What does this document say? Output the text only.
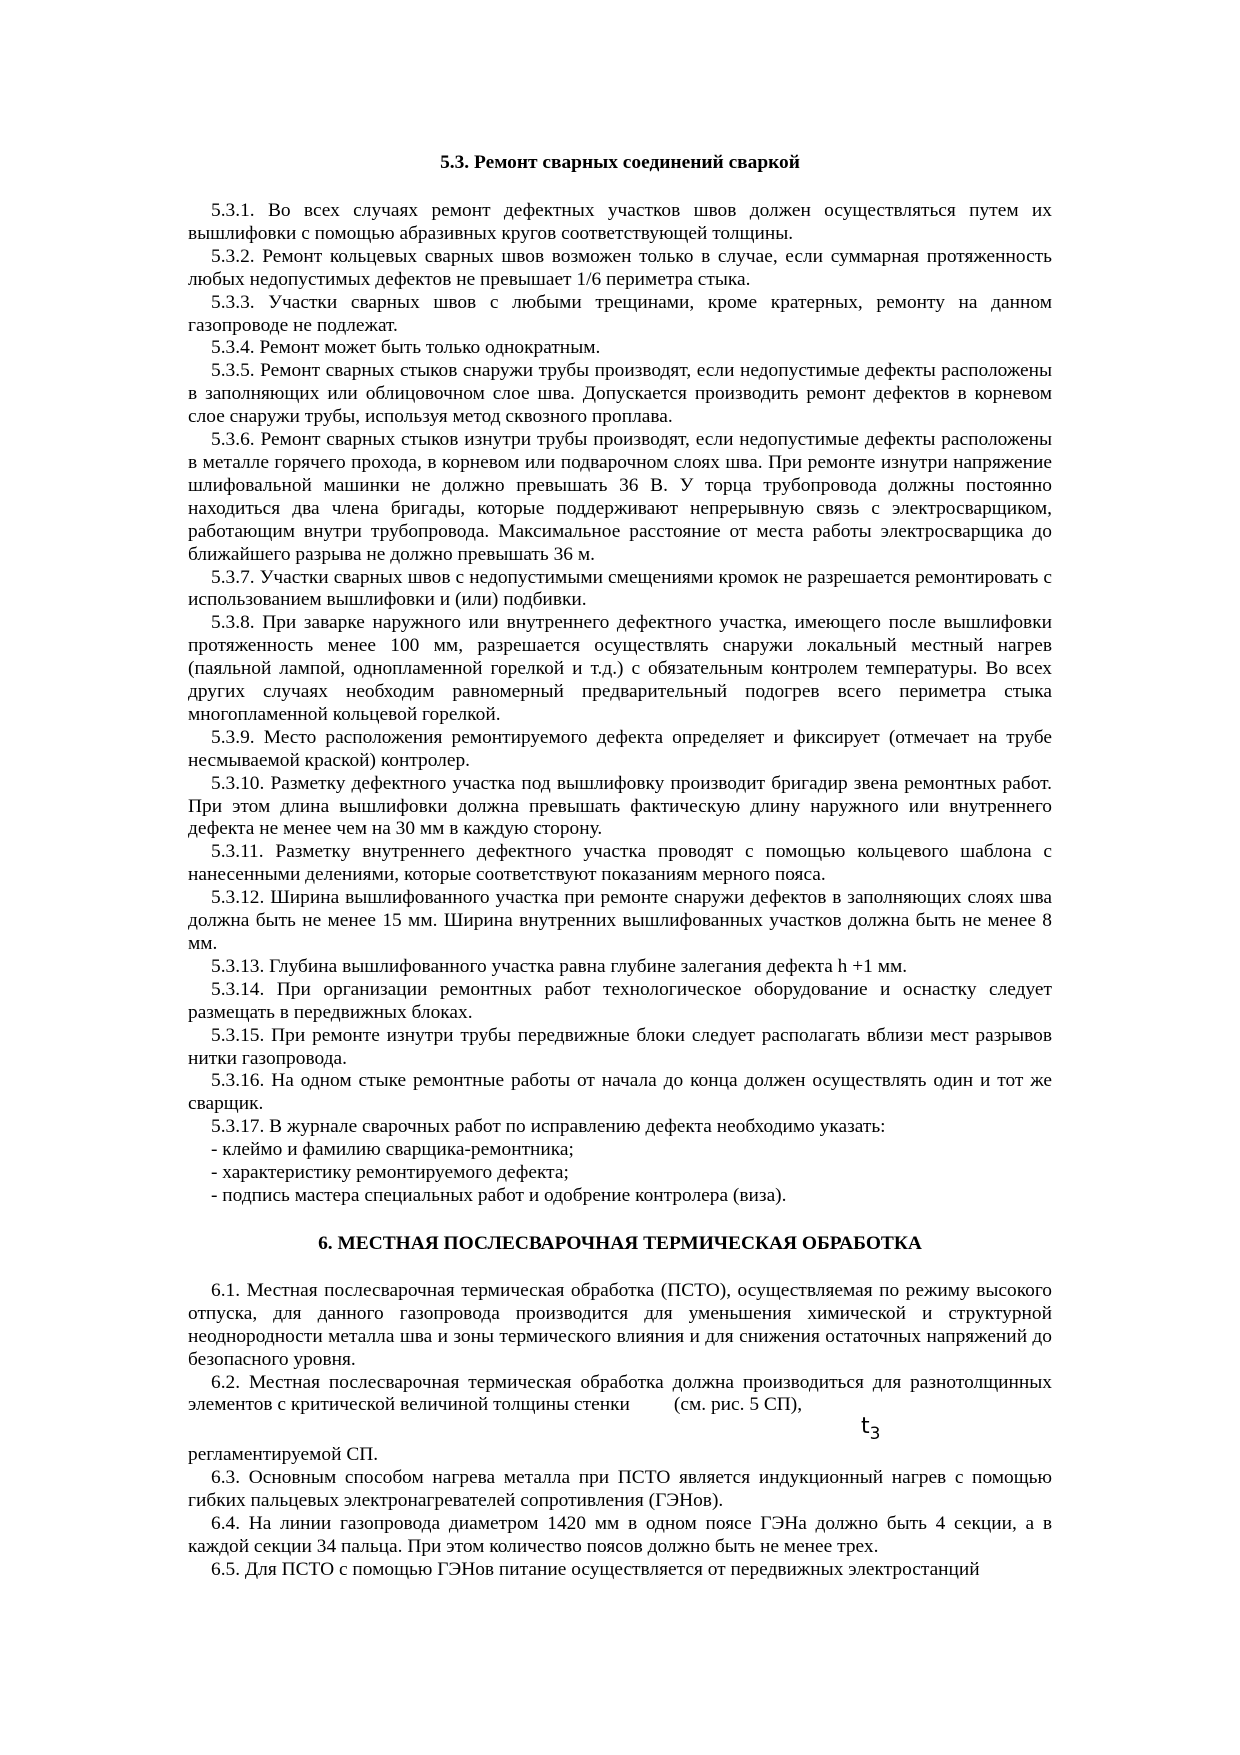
5.3. Ремонт сварных соединений сваркой

5.3.1. Во всех случаях ремонт дефектных участков швов должен осуществляться путем их вышлифовки с помощью абразивных кругов соответствующей толщины.

5.3.2. Ремонт кольцевых сварных швов возможен только в случае, если суммарная протяженность любых недопустимых дефектов не превышает 1/6 периметра стыка.

5.3.3. Участки сварных швов с любыми трещинами, кроме кратерных, ремонту на данном газопроводе не подлежат.

5.3.4. Ремонт может быть только однократным.

5.3.5. Ремонт сварных стыков снаружи трубы производят, если недопустимые дефекты расположены в заполняющих или облицовочном слое шва. Допускается производить ремонт дефектов в корневом слое снаружи трубы, используя метод сквозного проплава.

5.3.6. Ремонт сварных стыков изнутри трубы производят, если недопустимые дефекты расположены в металле горячего прохода, в корневом или подварочном слоях шва. При ремонте изнутри напряжение шлифовальной машинки не должно превышать 36 В. У торца трубопровода должны постоянно находиться два члена бригады, которые поддерживают непрерывную связь с электросварщиком, работающим внутри трубопровода. Максимальное расстояние от места работы электросварщика до ближайшего разрыва не должно превышать 36 м.

5.3.7. Участки сварных швов с недопустимыми смещениями кромок не разрешается ремонтировать с использованием вышлифовки и (или) подбивки.

5.3.8. При заварке наружного или внутреннего дефектного участка, имеющего после вышлифовки протяженность менее 100 мм, разрешается осуществлять снаружи локальный местный нагрев (паяльной лампой, однопламенной горелкой и т.д.) с обязательным контролем температуры. Во всех других случаях необходим равномерный предварительный подогрев всего периметра стыка многопламенной кольцевой горелкой.

5.3.9. Место расположения ремонтируемого дефекта определяет и фиксирует (отмечает на трубе несмываемой краской) контролер.

5.3.10. Разметку дефектного участка под вышлифовку производит бригадир звена ремонтных работ. При этом длина вышлифовки должна превышать фактическую длину наружного или внутреннего дефекта не менее чем на 30 мм в каждую сторону.

5.3.11. Разметку внутреннего дефектного участка проводят с помощью кольцевого шаблона с нанесенными делениями, которые соответствуют показаниям мерного пояса.

5.3.12. Ширина вышлифованного участка при ремонте снаружи дефектов в заполняющих слоях шва должна быть не менее 15 мм. Ширина внутренних вышлифованных участков должна быть не менее 8 мм.

5.3.13. Глубина вышлифованного участка равна глубине залегания дефекта h +1 мм.

5.3.14. При организации ремонтных работ технологическое оборудование и оснастку следует размещать в передвижных блоках.

5.3.15. При ремонте изнутри трубы передвижные блоки следует располагать вблизи мест разрывов нитки газопровода.

5.3.16. На одном стыке ремонтные работы от начала до конца должен осуществлять один и тот же сварщик.

5.3.17. В журнале сварочных работ по исправлению дефекта необходимо указать:

- клеймо и фамилию сварщика-ремонтника;

- характеристику ремонтируемого дефекта;

- подпись мастера специальных работ и одобрение контролера (виза).

6. МЕСТНАЯ ПОСЛЕСВАРОЧНАЯ ТЕРМИЧЕСКАЯ ОБРАБОТКА

6.1. Местная послесварочная термическая обработка (ПСТО), осуществляемая по режиму высокого отпуска, для данного газопровода производится для уменьшения химической и структурной неоднородности металла шва и зоны термического влияния и для снижения остаточных напряжений до безопасного уровня.

6.2. Местная послесварочная термическая обработка должна производиться для разнотолщинных элементов с критической величиной толщины стенки (см. рис. 5 СП),

$t_3$

регламентируемой СП.

6.3. Основным способом нагрева металла при ПСТО является индукционный нагрев с помощью гибких пальцевых электронагревателей сопротивления (ГЭНов).

6.4. На линии газопровода диаметром 1420 мм в одном поясе ГЭНа должно быть 4 секции, а в каждой секции 34 пальца. При этом количество поясов должно быть не менее трех.

6.5. Для ПСТО с помощью ГЭНов питание осуществляется от передвижных электростанций
